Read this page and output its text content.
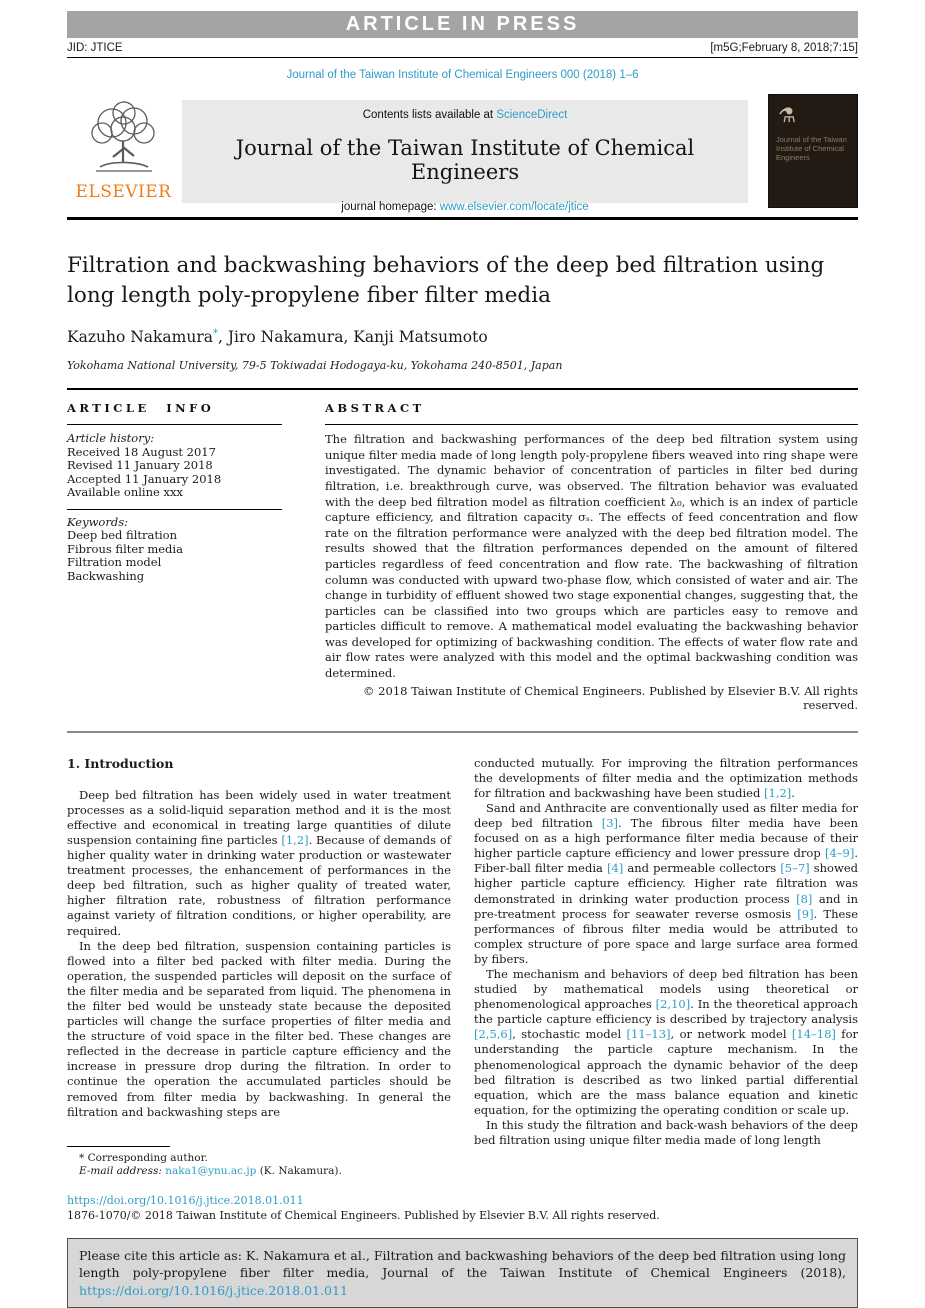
ARTICLE IN PRESS
JID: JTICE	[m5G;February 8, 2018;7:15]
Journal of the Taiwan Institute of Chemical Engineers 000 (2018) 1–6
ELSEVIER
Contents lists available at ScienceDirect
Journal of the Taiwan Institute of Chemical Engineers
journal homepage: www.elsevier.com/locate/jtice
⚗
Journal of the Taiwan Institute of Chemical Engineers
Filtration and backwashing behaviors of the deep bed filtration using
long length poly-propylene fiber filter media
Kazuho Nakamura*, Jiro Nakamura, Kanji Matsumoto
Yokohama National University, 79-5 Tokiwadai Hodogaya-ku, Yokohama 240-8501, Japan
ARTICLE INFO
Article history:
Received 18 August 2017
Revised 11 January 2018
Accepted 11 January 2018
Available online xxx
Keywords:
Deep bed filtration
Fibrous filter media
Filtration model
Backwashing
ABSTRACT
The filtration and backwashing performances of the deep bed filtration system using unique filter media made of long length poly-propylene fibers weaved into ring shape were investigated. The dynamic behavior of concentration of particles in filter bed during filtration, i.e. breakthrough curve, was observed. The filtration behavior was evaluated with the deep bed filtration model as filtration coefficient λ₀, which is an index of particle capture efficiency, and filtration capacity σₛ. The effects of feed concentration and flow rate on the filtration performance were analyzed with the deep bed filtration model. The results showed that the filtration performances depended on the amount of filtered particles regardless of feed concentration and flow rate. The backwashing of filtration column was conducted with upward two-phase flow, which consisted of water and air. The change in turbidity of effluent showed two stage exponential changes, suggesting that, the particles can be classified into two groups which are particles easy to remove and particles difficult to remove. A mathematical model evaluating the backwashing behavior was developed for optimizing of backwashing condition. The effects of water flow rate and air flow rates were analyzed with this model and the optimal backwashing condition was determined.
© 2018 Taiwan Institute of Chemical Engineers. Published by Elsevier B.V. All rights reserved.
1. Introduction
Deep bed filtration has been widely used in water treatment processes as a solid-liquid separation method and it is the most effective and economical in treating large quantities of dilute suspension containing fine particles [1,2]. Because of demands of higher quality water in drinking water production or wastewater treatment processes, the enhancement of performances in the deep bed filtration, such as higher quality of treated water, higher filtration rate, robustness of filtration performance against variety of filtration conditions, or higher operability, are required.
In the deep bed filtration, suspension containing particles is flowed into a filter bed packed with filter media. During the operation, the suspended particles will deposit on the surface of the filter media and be separated from liquid. The phenomena in the filter bed would be unsteady state because the deposited particles will change the surface properties of filter media and the structure of void space in the filter bed. These changes are reflected in the decrease in particle capture efficiency and the increase in pressure drop during the filtration. In order to continue the operation the accumulated particles should be removed from filter media by backwashing. In general the filtration and backwashing steps are
* Corresponding author.
E-mail address: naka1@ynu.ac.jp (K. Nakamura).
conducted mutually. For improving the filtration performances the developments of filter media and the optimization methods for filtration and backwashing have been studied [1,2].
Sand and Anthracite are conventionally used as filter media for deep bed filtration [3]. The fibrous filter media have been focused on as a high performance filter media because of their higher particle capture efficiency and lower pressure drop [4–9]. Fiber-ball filter media [4] and permeable collectors [5–7] showed higher particle capture efficiency. Higher rate filtration was demonstrated in drinking water production process [8] and in pre-treatment process for seawater reverse osmosis [9]. These performances of fibrous filter media would be attributed to complex structure of pore space and large surface area formed by fibers.
The mechanism and behaviors of deep bed filtration has been studied by mathematical models using theoretical or phenomenological approaches [2,10]. In the theoretical approach the particle capture efficiency is described by trajectory analysis [2,5,6], stochastic model [11–13], or network model [14–18] for understanding the particle capture mechanism. In the phenomenological approach the dynamic behavior of the deep bed filtration is described as two linked partial differential equation, which are the mass balance equation and kinetic equation, for the optimizing the operating condition or scale up.
In this study the filtration and back-wash behaviors of the deep bed filtration using unique filter media made of long length
https://doi.org/10.1016/j.jtice.2018.01.011
1876-1070/© 2018 Taiwan Institute of Chemical Engineers. Published by Elsevier B.V. All rights reserved.
Please cite this article as: K. Nakamura et al., Filtration and backwashing behaviors of the deep bed filtration using long length poly-propylene fiber filter media, Journal of the Taiwan Institute of Chemical Engineers (2018), https://doi.org/10.1016/j.jtice.2018.01.011
